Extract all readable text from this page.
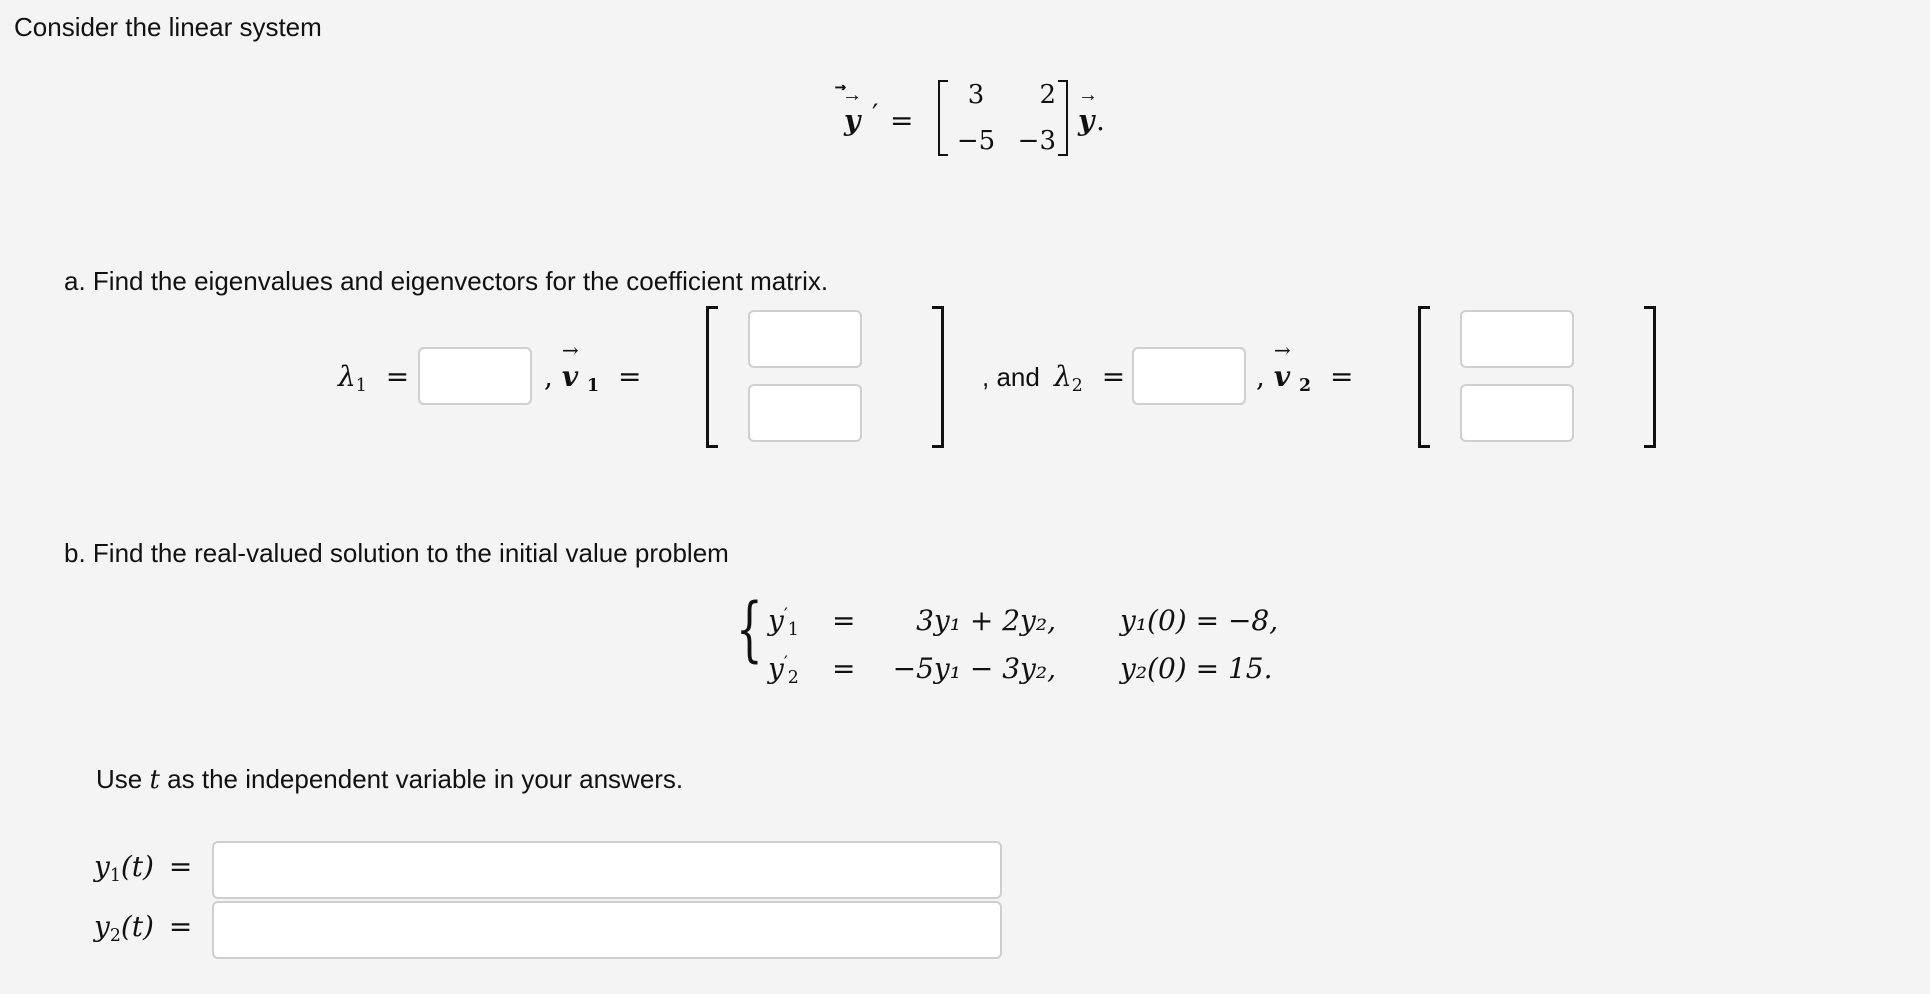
Consider the linear system
y
→
′ =
3	2
−5 −3
→
y .
a. Find the eigenvalues and eigenvectors for the coefficient matrix.
$\lambda_1$ =	,
→
v $_1$ =	, and $\lambda_2$ =	,
→
v $_2$ =
b. Find the real-valued solution to the initial value problem
{ $y'_1$ =	3y₁ + 2y₂, y₁(0) = −8,
$y'_2$ =	−5y₁ − 3y₂, y₂(0) = 15.
Use t as the independent variable in your answers.
$y_1(t)$ =
$y_2(t)$ =
